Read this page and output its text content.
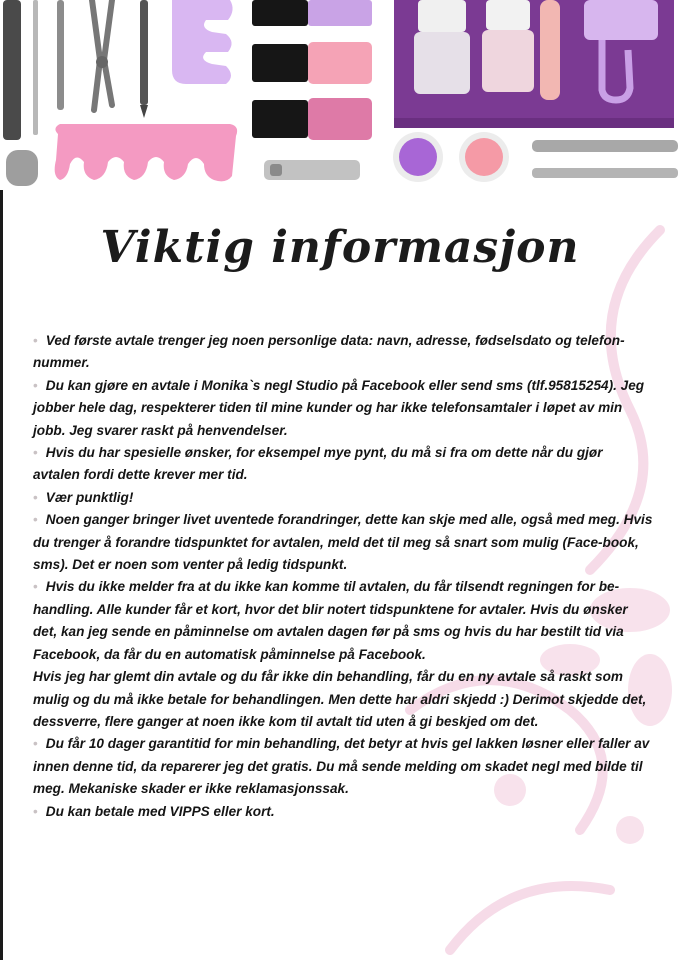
Viktig informasjon

• Ved første avtale trenger jeg noen personlige data: navn, adresse, fødselsdato og telefon-nummer.

• Du kan gjøre en avtale i Monika`s negl Studio på Facebook eller send sms (tlf.95815254). Jeg jobber hele dag, respekterer tiden til mine kunder og har ikke telefonsamtaler i løpet av min jobb. Jeg svarer raskt på henvendelser.

• Hvis du har spesielle ønsker, for eksempel mye pynt, du må si fra om dette når du gjør avtalen fordi dette krever mer tid.

• Vær punktlig!

• Noen ganger bringer livet uventede forandringer, dette kan skje med alle, også med meg. Hvis du trenger å forandre tidspunktet for avtalen, meld det til meg så snart som mulig (Face-book, sms). Det er noen som venter på ledig tidspunkt.

• Hvis du ikke melder fra at du ikke kan komme til avtalen, du får tilsendt regningen for be-handling. Alle kunder får et kort, hvor det blir notert tidspunktene for avtaler. Hvis du ønsker det, kan jeg sende en påminnelse om avtalen dagen før på sms og hvis du har bestilt tid via Facebook, da får du en automatisk påminnelse på Facebook.

Hvis jeg har glemt din avtale og du får ikke din behandling, får du en ny avtale så raskt som mulig og du må ikke betale for behandlingen. Men dette har aldri skjedd :) Derimot skjedde det, dessverre, flere ganger at noen ikke kom til avtalt tid uten å gi beskjed om det.

• Du får 10 dager garantitid for min behandling, det betyr at hvis gel lakken løsner eller faller av innen denne tid, da reparerer jeg det gratis. Du må sende melding om skadet negl med bilde til meg. Mekaniske skader er ikke reklamasjonssak.

• Du kan betale med VIPPS eller kort.
